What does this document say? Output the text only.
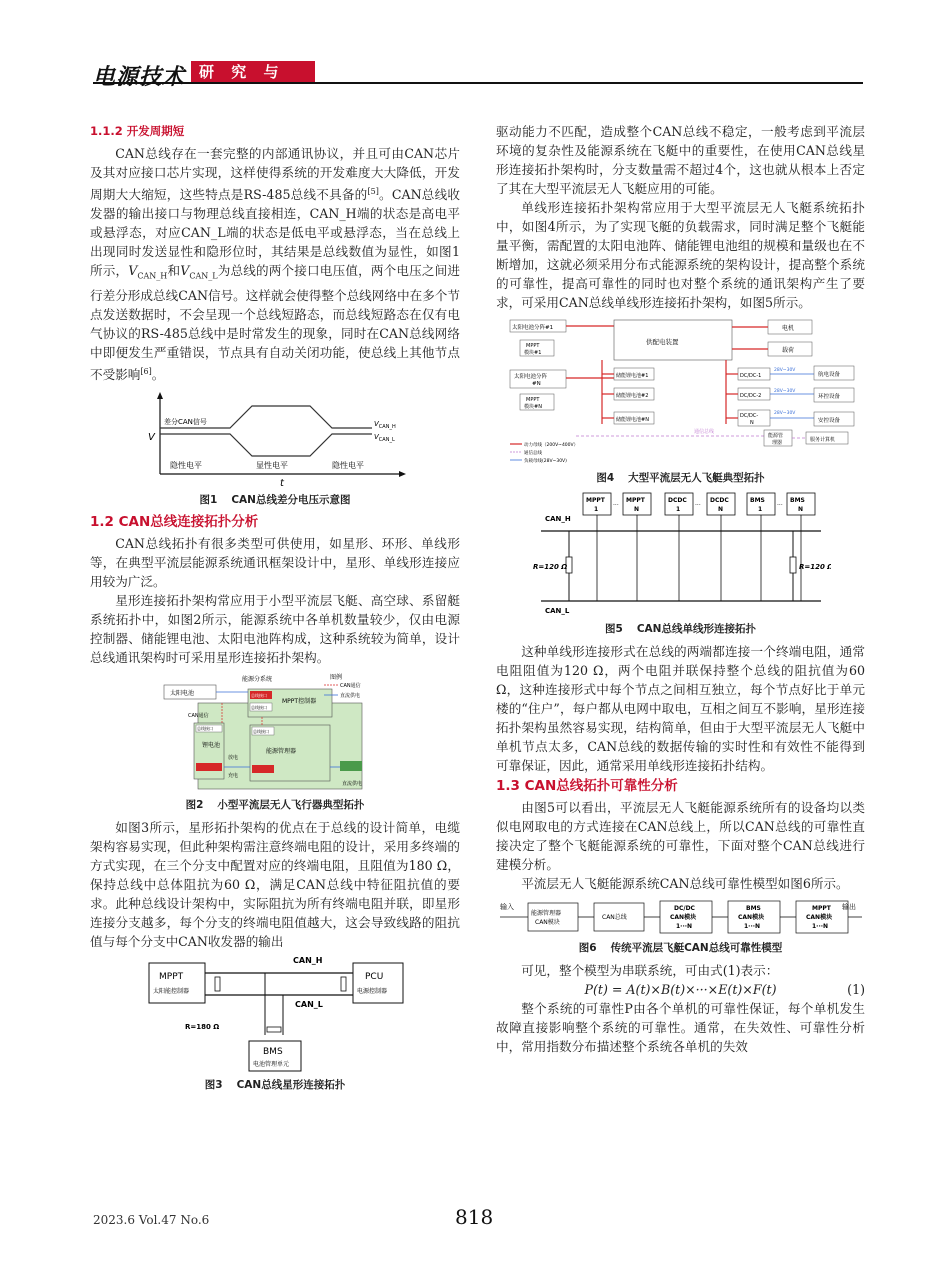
电源技术 研 究 与 设 计
1.1.2 开发周期短

CAN总线存在一套完整的内部通讯协议，并且可由CAN芯片及其对应接口芯片实现，这样使得系统的开发难度大大降低，开发周期大大缩短，这些特点是RS-485总线不具备的[5]。CAN总线收发器的输出接口与物理总线直接相连，CAN_H端的状态是高电平或悬浮态，对应CAN_L端的状态是低电平或悬浮态，当在总线上出现同时发送显性和隐形位时，其结果是总线数值为显性，如图1所示，$V_{CAN\_H}$和$V_{CAN\_L}$为总线的两个接口电压值，两个电压之间进行差分形成总线CAN信号。这样就会使得整个总线网络中在多个节点发送数据时，不会呈现一个总线短路态，而总线短路态在仅有电气协议的RS-485总线中是时常发生的现象，同时在CAN总线网络中即便发生严重错误，节点具有自动关闭功能，使总线上其他节点不受影响[6]。

V
差分CAN信号	$V_{CAN\_H}$
$V_{CAN\_L}$
隐性电平	显性电平	隐性电平
t
图1 CAN总线差分电压示意图
1.2 CAN总线连接拓扑分析

CAN总线拓扑有很多类型可供使用，如星形、环形、单线形等，在典型平流层能源系统通讯框架设计中，星形、单线形连接应用较为广泛。

星形连接拓扑架构常应用于小型平流层飞艇、高空球、系留艇系统拓扑中，如图2所示，能源系统中各单机数量较少，仅由电源控制器、储能锂电池、太阳电池阵构成，这种系统较为简单，设计总线通讯架构时可采用星形连接拓扑架构。

能源分系统
太阳电池	总线接口
总线接口
MPPT控制器
图例
CAN通信
直流供电
CAN通信
总线接口
锂电池
总线接口
能源管理器
放电
充电
直流供电
图2 小型平流层无人飞行器典型拓扑

如图3所示，星形拓扑架构的优点在于总线的设计简单，电缆架构容易实现，但此种架构需注意终端电阻的设计，采用多终端的方式实现，在三个分支中配置对应的终端电阻，且阻值为180 Ω，保持总线中总体阻抗为60 Ω，满足CAN总线中特征阻抗值的要求。此种总线设计架构中，实际阻抗为所有终端电阻并联，即星形连接分支越多，每个分支的终端电阻值越大，这会导致线路的阻抗值与每个分支中CAN收发器的输出

CAN_H
CAN_L
MPPT
太阳能控制器
PCU
电源控制器
R=180 Ω
BMS
电池管理单元
图3 CAN总线星形连接拓扑

驱动能力不匹配，造成整个CAN总线不稳定，一般考虑到平流层环境的复杂性及能源系统在飞艇中的重要性，在使用CAN总线星形连接拓扑架构时，分支数量需不超过4个，这也就从根本上否定了其在大型平流层无人飞艇应用的可能。

单线形连接拓扑架构常应用于大型平流层无人飞艇系统拓扑中，如图4所示，为了实现飞艇的负载需求，同时满足整个飞艇能量平衡，需配置的太阳电池阵、储能锂电池组的规模和量级也在不断增加，这就必须采用分布式能源系统的架构设计，提高整个系统的可靠性，提高可靠性的同时也对整个系统的通讯架构产生了要求，可采用CAN总线单线形连接拓扑架构，如图5所示。

太阳电池分阵#1
MPPT
模块#1
太阳电池分阵
#N
MPPT
模块#N
供配电装置
电机
载荷
储能锂电池#1
储能锂电池#2
储能锂电池#N
DC/DC-1
DC/DC-2
DC/DC-
N
28V~30V
28V~30V
28V~30V
航电设备
环控设备
安控设备
通信总线
能源管
理器	服务计算机
动力母线（200V~400V）
通信总线
负载母线(28V~30V)
图4 大型平流层无人飞艇典型拓扑
MPPT
1
... MPPT
N
DCDC
1
... DCDC
N
BMS
1
... BMS
N
CAN_H
CAN_L
R=120 Ω	R=120 Ω
图5 CAN总线单线形连接拓扑

这种单线形连接形式在总线的两端都连接一个终端电阻，通常电阻阻值为120 Ω，两个电阻并联保持整个总线的阻抗值为60 Ω，这种连接形式中每个节点之间相互独立，每个节点好比于单元楼的“住户”，每户都从电网中取电，互相之间互不影响，星形连接拓扑架构虽然容易实现，结构简单，但由于大型平流层无人飞艇中单机节点太多，CAN总线的数据传输的实时性和有效性不能得到可靠保证，因此，通常采用单线形连接拓扑结构。

1.3 CAN总线拓扑可靠性分析

由图5可以看出，平流层无人飞艇能源系统所有的设备均以类似电网取电的方式连接在CAN总线上，所以CAN总线的可靠性直接决定了整个飞艇能源系统的可靠性，下面对整个CAN总线进行建模分析。

平流层无人飞艇能源系统CAN总线可靠性模型如图6所示。

输入
能源管理器
CAN模块
CAN总线
DC/DC
CAN模块
1···N
BMS
CAN模块
1···N
MPPT
CAN模块
1···N
输出
图6 传统平流层飞艇CAN总线可靠性模型

可见，整个模型为串联系统，可由式(1)表示：

P(t) = A(t)×B(t)×···×E(t)×F(t)	(1)

整个系统的可靠性P由各个单机的可靠性保证，每个单机发生故障直接影响整个系统的可靠性。通常，在失效性、可靠性分析中，常用指数分布描述整个系统各单机的失效

2023.6 Vol.47 No.6	818
